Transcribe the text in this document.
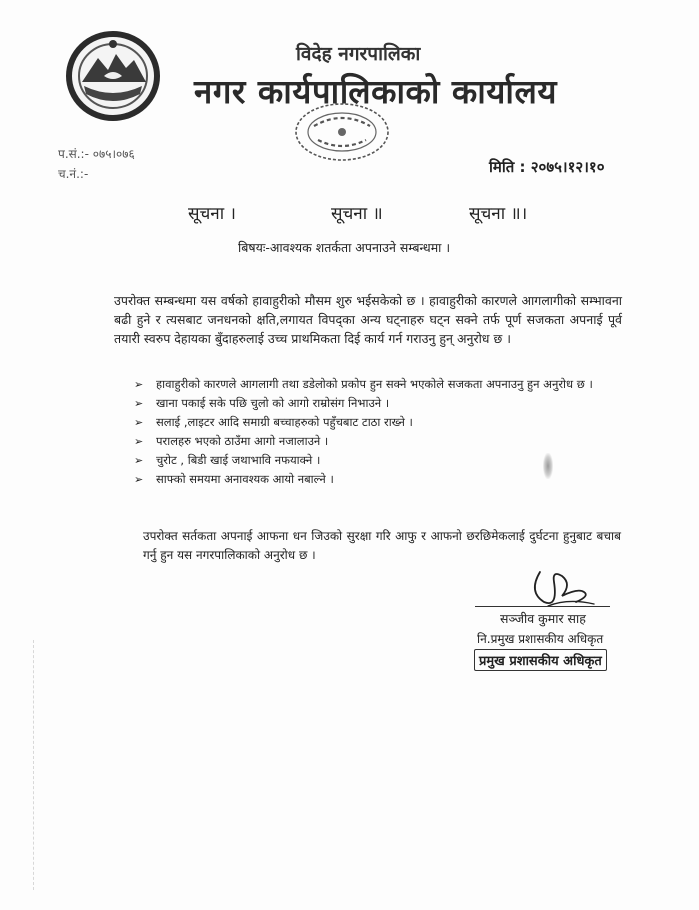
विदेह नगरपालिका
नगर कार्यपालिकाको कार्यालय
प.सं.:- ०७५।०७६
च.नं.:-	मिति : २०७५।१२।१०
सूचना ।	सूचना ॥	सूचना ॥।
बिषयः-आवश्यक शतर्कता अपनाउने सम्बन्धमा ।
उपरोक्त सम्बन्धमा यस वर्षको हावाहुरीको मौसम शुरु भईसकेको छ । हावाहुरीको कारणले आगलागीको सम्भावना बढी हुने र त्यसबाट जनधनको क्षति,लगायत विपद्का अन्य घट्नाहरु घट्न सक्ने तर्फ पूर्ण सजकता अपनाई पूर्व तयारी स्वरुप देहायका बुँदाहरुलाई उच्च प्राथमिकता दिई कार्य गर्न गराउनु हुन् अनुरोध छ ।
➢ हावाहुरीको कारणले आगलागी तथा डडेलोको प्रकोप हुन सक्ने भएकोले सजकता अपनाउनु हुन अनुरोध छ ।
➢ खाना पकाई सके पछि चुलो को आगो राम्रोसंग निभाउने ।
➢ सलाई ,लाइटर आदि समाग्री बच्चाहरुको पहुँचबाट टाठा राख्ने ।
➢ परालहरु भएको ठाउँमा आगो नजालाउने ।
➢ चुरोट , बिडी खाई जथाभावि नफयाक्ने ।
➢ साफ्को समयमा अनावश्यक आयो नबाल्ने ।
उपरोक्त सर्तकता अपनाई आफना धन जिउको सुरक्षा गरि आफु र आफनो छरछिमेकलाई दुर्घटना हुनुबाट बचाब गर्नु हुन यस नगरपालिकाको अनुरोध छ ।
सञ्जीव कुमार साह
नि.प्रमुख प्रशासकीय अधिकृत
प्रमुख प्रशासकीय अधिकृत
